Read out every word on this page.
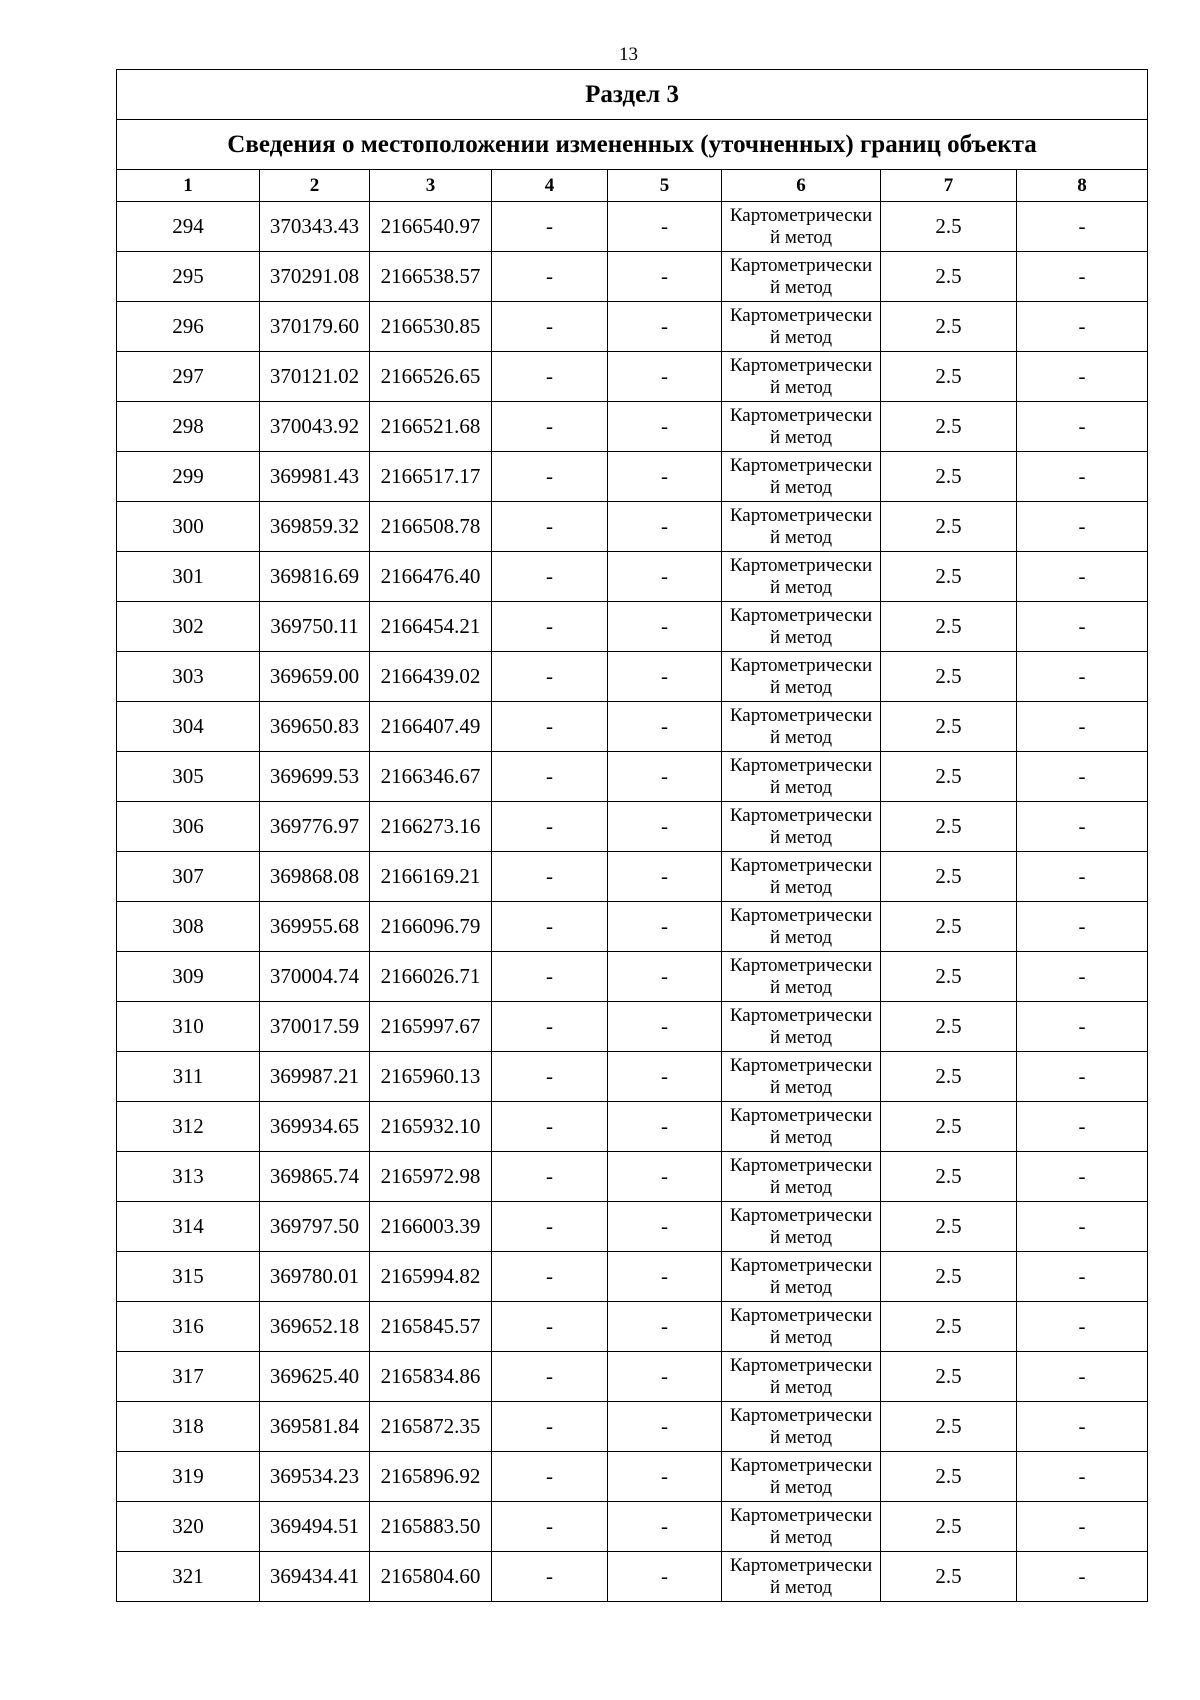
13
Раздел 3							
Сведения о местоположении измененных (уточненных) границ объекта							
1	2	3	4	5	6	7	8
294	370343.43	2166540.97	-	-	Картометрический метод	2.5	-
295	370291.08	2166538.57	-	-	Картометрический метод	2.5	-
296	370179.60	2166530.85	-	-	Картометрический метод	2.5	-
297	370121.02	2166526.65	-	-	Картометрический метод	2.5	-
298	370043.92	2166521.68	-	-	Картометрический метод	2.5	-
299	369981.43	2166517.17	-	-	Картометрический метод	2.5	-
300	369859.32	2166508.78	-	-	Картометрический метод	2.5	-
301	369816.69	2166476.40	-	-	Картометрический метод	2.5	-
302	369750.11	2166454.21	-	-	Картометрический метод	2.5	-
303	369659.00	2166439.02	-	-	Картометрический метод	2.5	-
304	369650.83	2166407.49	-	-	Картометрический метод	2.5	-
305	369699.53	2166346.67	-	-	Картометрический метод	2.5	-
306	369776.97	2166273.16	-	-	Картометрический метод	2.5	-
307	369868.08	2166169.21	-	-	Картометрический метод	2.5	-
308	369955.68	2166096.79	-	-	Картометрический метод	2.5	-
309	370004.74	2166026.71	-	-	Картометрический метод	2.5	-
310	370017.59	2165997.67	-	-	Картометрический метод	2.5	-
311	369987.21	2165960.13	-	-	Картометрический метод	2.5	-
312	369934.65	2165932.10	-	-	Картометрический метод	2.5	-
313	369865.74	2165972.98	-	-	Картометрический метод	2.5	-
314	369797.50	2166003.39	-	-	Картометрический метод	2.5	-
315	369780.01	2165994.82	-	-	Картометрический метод	2.5	-
316	369652.18	2165845.57	-	-	Картометрический метод	2.5	-
317	369625.40	2165834.86	-	-	Картометрический метод	2.5	-
318	369581.84	2165872.35	-	-	Картометрический метод	2.5	-
319	369534.23	2165896.92	-	-	Картометрический метод	2.5	-
320	369494.51	2165883.50	-	-	Картометрический метод	2.5	-
321	369434.41	2165804.60	-	-	Картометрический метод	2.5	-
